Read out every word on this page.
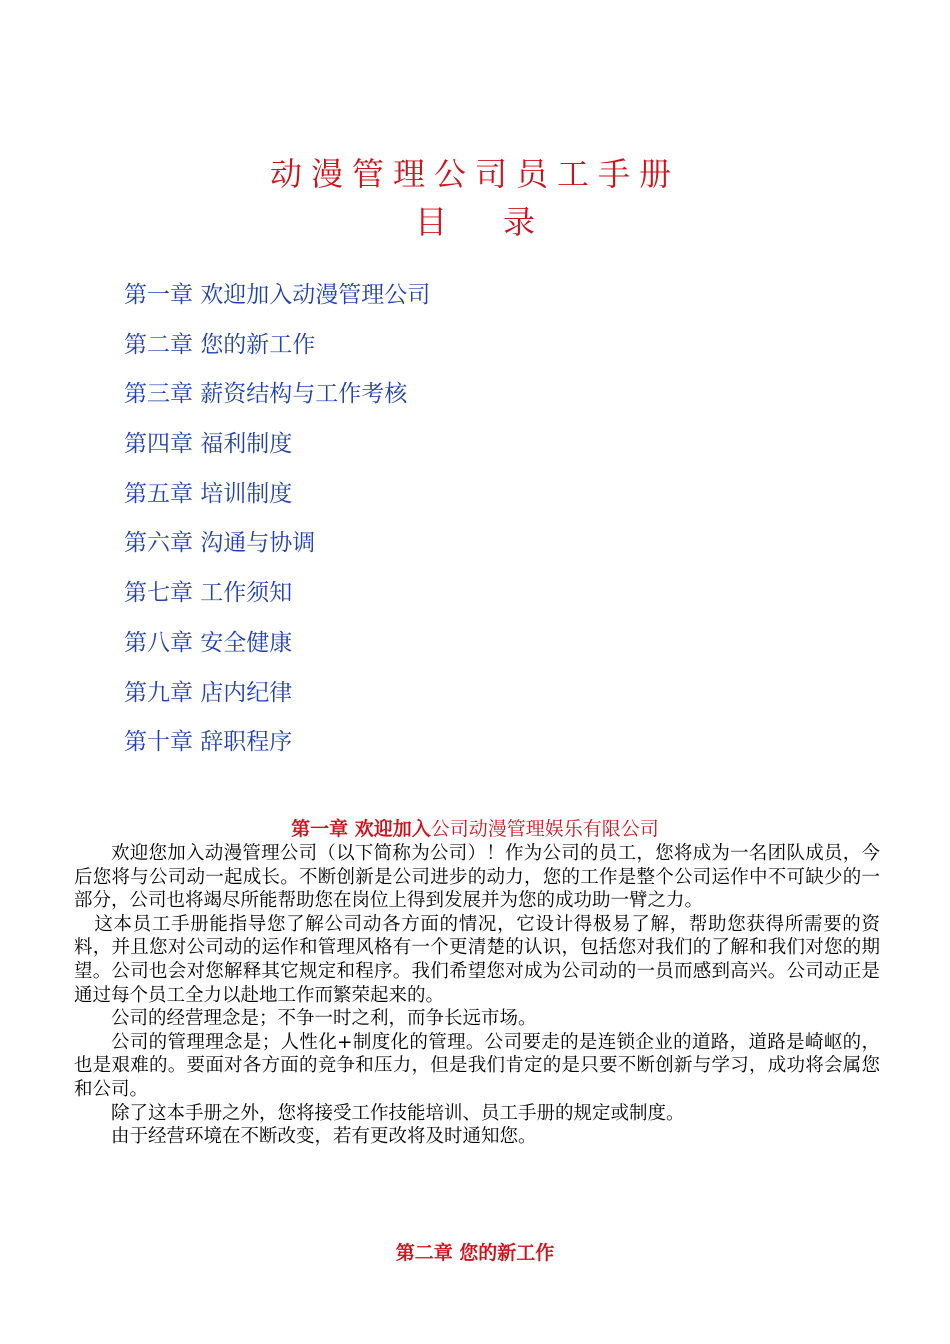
动漫管理公司员工手册
目 录
第一章 欢迎加入动漫管理公司
第二章 您的新工作
第三章 薪资结构与工作考核
第四章 福利制度
第五章 培训制度
第六章 沟通与协调
第七章 工作须知
第八章 安全健康
第九章 店内纪律
第十章 辞职程序
第一章 欢迎加入公司动漫管理娱乐有限公司

欢迎您加入动漫管理公司（以下简称为公司）！作为公司的员工，您将成为一名团队成员，今后您将与公司动一起成长。不断创新是公司进步的动力，您的工作是整个公司运作中不可缺少的一部分，公司也将竭尽所能帮助您在岗位上得到发展并为您的成功助一臂之力。

这本员工手册能指导您了解公司动各方面的情况，它设计得极易了解，帮助您获得所需要的资料，并且您对公司动的运作和管理风格有一个更清楚的认识，包括您对我们的了解和我们对您的期望。公司也会对您解释其它规定和程序。我们希望您对成为公司动的一员而感到高兴。公司动正是通过每个员工全力以赴地工作而繁荣起来的。

公司的经营理念是；不争一时之利，而争长远市场。

公司的管理理念是；人性化+制度化的管理。公司要走的是连锁企业的道路，道路是崎岖的，也是艰难的。要面对各方面的竞争和压力，但是我们肯定的是只要不断创新与学习，成功将会属您和公司。

除了这本手册之外，您将接受工作技能培训、员工手册的规定或制度。

由于经营环境在不断改变，若有更改将及时通知您。

第二章 您的新工作
